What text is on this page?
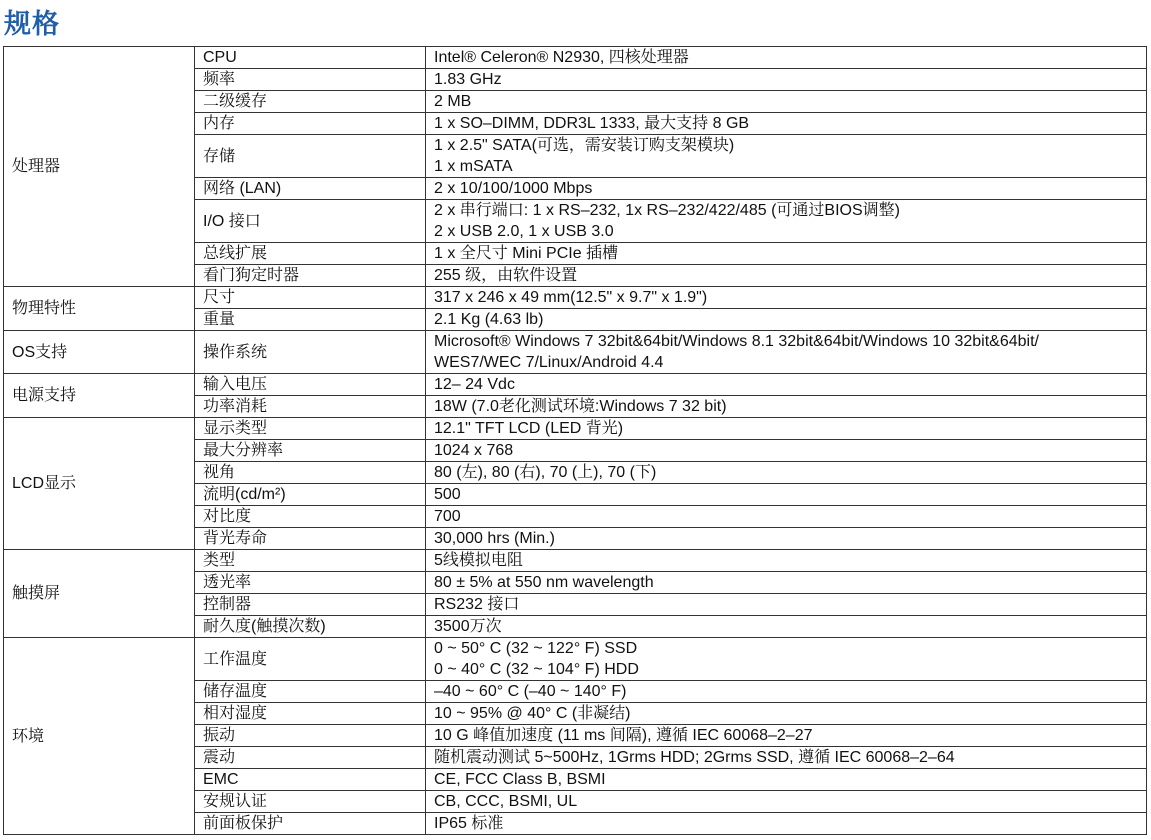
规格
处理器	CPU	Intel® Celeron® N2930, 四核处理器

	频率	1.83 GHz

	二级缓存	2 MB

	内存	1 x SO–DIMM, DDR3L 1333, 最大支持 8 GB

	存储	1 x 2.5" SATA(可选，需安装订购支架模块)
1 x mSATA

	网络 (LAN)	2 x 10/100/1000 Mbps

	I/O 接口	2 x 串行端口: 1 x RS–232, 1x RS–232/422/485 (可通过BIOS调整)
2 x USB 2.0, 1 x USB 3.0

	总线扩展	1 x 全尺寸 Mini PCIe 插槽

	看门狗定时器	255 级，由软件设置

物理特性	尺寸	317 x 246 x 49 mm(12.5" x 9.7" x 1.9")

	重量	2.1 Kg (4.63 lb)

OS支持	操作系统	Microsoft® Windows 7 32bit&64bit/Windows 8.1 32bit&64bit/Windows 10 32bit&64bit/
WES7/WEC 7/Linux/Android 4.4

电源支持	输入电压	12– 24 Vdc

	功率消耗	18W (7.0老化测试环境:Windows 7 32 bit)

LCD显示	显示类型	12.1" TFT LCD (LED 背光)

	最大分辨率	1024 x 768

	视角	80 (左), 80 (右), 70 (上), 70 (下)

	流明(cd/m²)	500

	对比度	700

	背光寿命	30,000 hrs (Min.)

触摸屏	类型	5线模拟电阻

	透光率	80 ± 5% at 550 nm wavelength

	控制器	RS232 接口

	耐久度(触摸次数)	3500万次

环境	工作温度	0 ~ 50° C (32 ~ 122° F) SSD
0 ~ 40° C (32 ~ 104° F) HDD

	储存温度	–40 ~ 60° C (–40 ~ 140° F)

	相对湿度	10 ~ 95% @ 40° C (非凝结)

	振动	10 G 峰值加速度 (11 ms 间隔), 遵循 IEC 60068–2–27

	震动	随机震动测试 5~500Hz, 1Grms HDD; 2Grms SSD, 遵循 IEC 60068–2–64

	EMC	CE, FCC Class B, BSMI

	安规认证	CB, CCC, BSMI, UL

	前面板保护	IP65 标准
